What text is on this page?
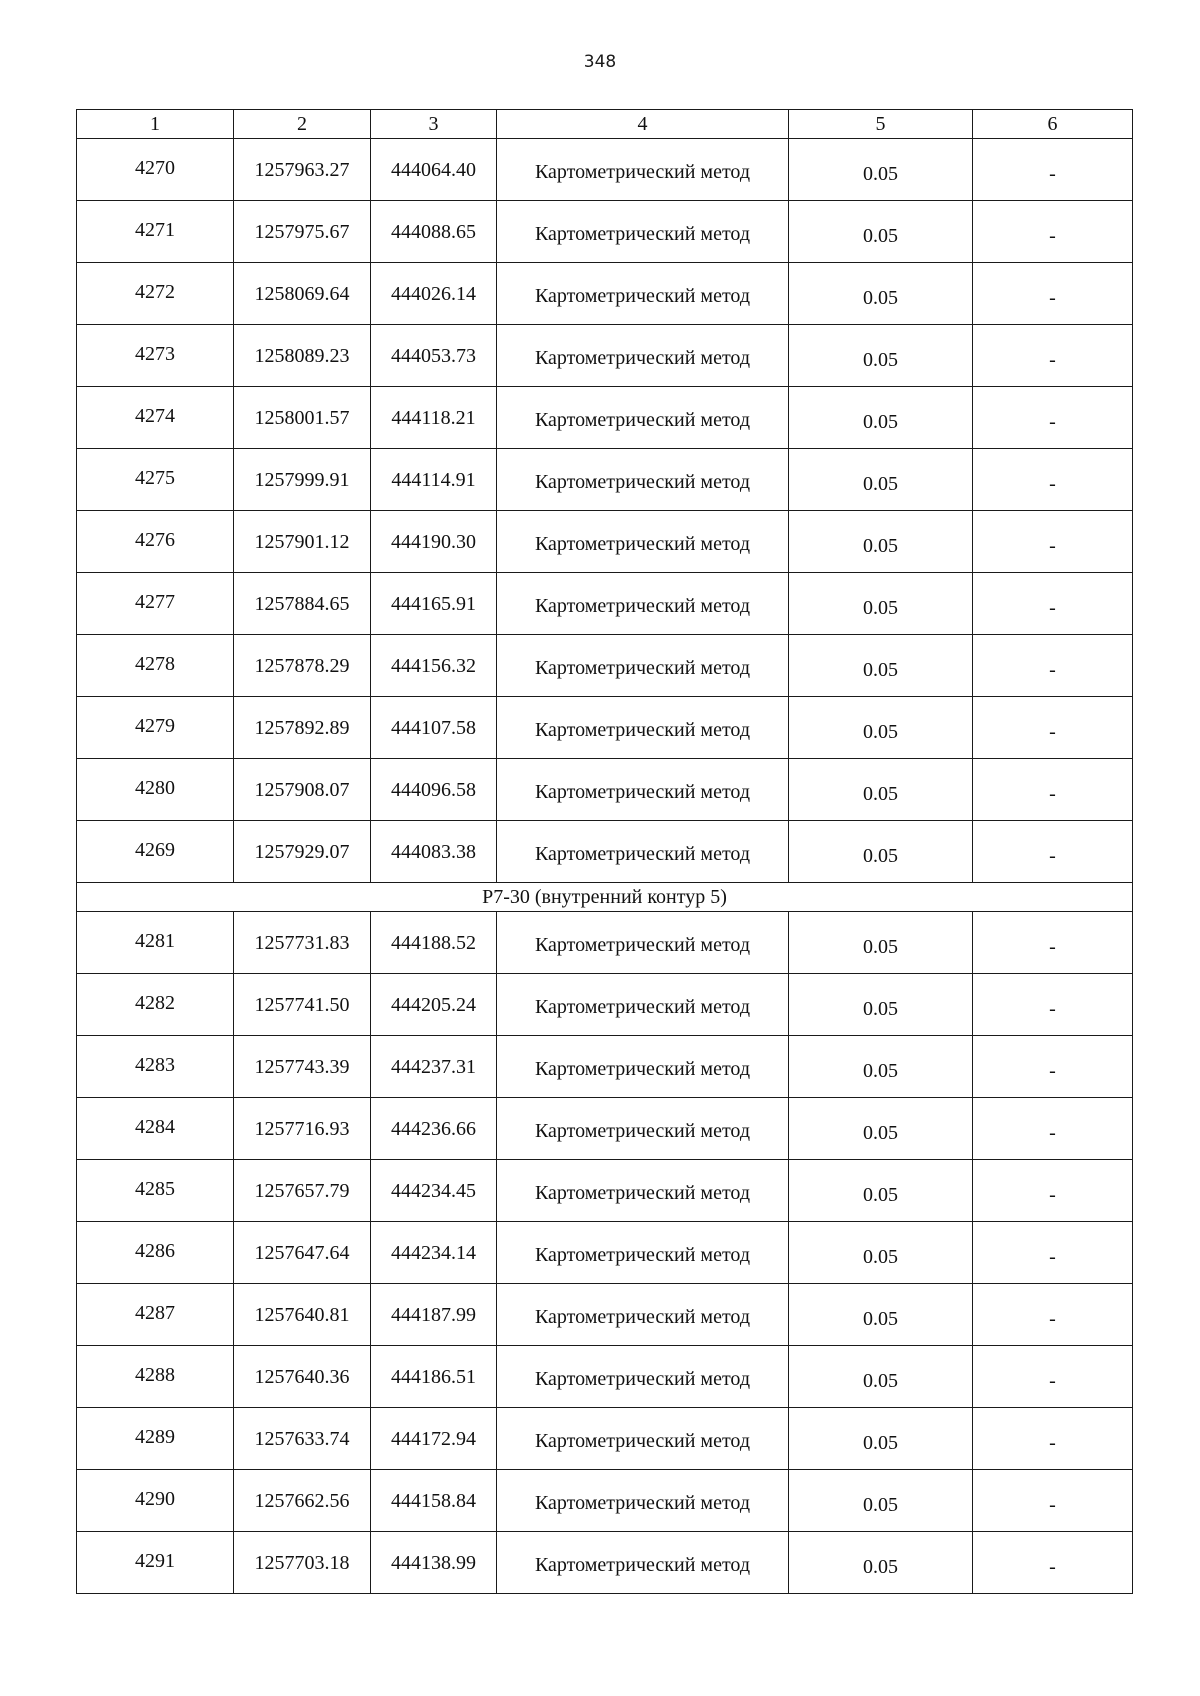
348
1	2	3	4	5	6
4270	1257963.27	444064.40	Картометрический метод	0.05	-
4271	1257975.67	444088.65	Картометрический метод	0.05	-
4272	1258069.64	444026.14	Картометрический метод	0.05	-
4273	1258089.23	444053.73	Картометрический метод	0.05	-
4274	1258001.57	444118.21	Картометрический метод	0.05	-
4275	1257999.91	444114.91	Картометрический метод	0.05	-
4276	1257901.12	444190.30	Картометрический метод	0.05	-
4277	1257884.65	444165.91	Картометрический метод	0.05	-
4278	1257878.29	444156.32	Картометрический метод	0.05	-
4279	1257892.89	444107.58	Картометрический метод	0.05	-
4280	1257908.07	444096.58	Картометрический метод	0.05	-
4269	1257929.07	444083.38	Картометрический метод	0.05	-
Р7-30 (внутренний контур 5)					
4281	1257731.83	444188.52	Картометрический метод	0.05	-
4282	1257741.50	444205.24	Картометрический метод	0.05	-
4283	1257743.39	444237.31	Картометрический метод	0.05	-
4284	1257716.93	444236.66	Картометрический метод	0.05	-
4285	1257657.79	444234.45	Картометрический метод	0.05	-
4286	1257647.64	444234.14	Картометрический метод	0.05	-
4287	1257640.81	444187.99	Картометрический метод	0.05	-
4288	1257640.36	444186.51	Картометрический метод	0.05	-
4289	1257633.74	444172.94	Картометрический метод	0.05	-
4290	1257662.56	444158.84	Картометрический метод	0.05	-
4291	1257703.18	444138.99	Картометрический метод	0.05	-
